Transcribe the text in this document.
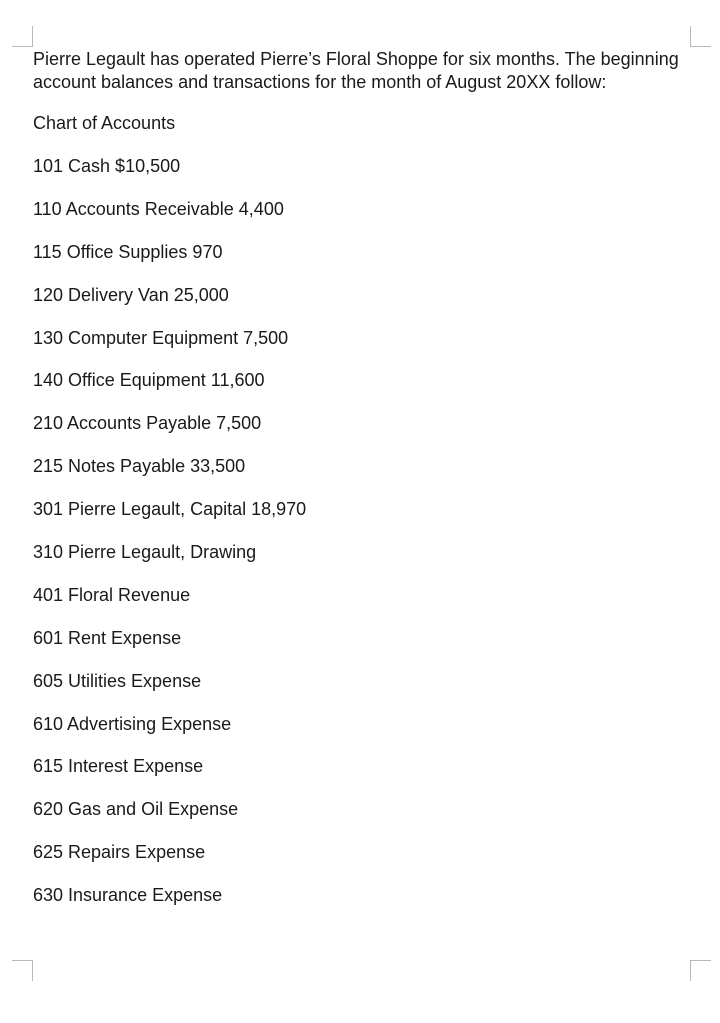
Pierre Legault has operated Pierre’s Floral Shoppe for six months. The beginning account balances and transactions for the month of August 20XX follow:

Chart of Accounts

101 Cash $10,500
110 Accounts Receivable 4,400
115 Office Supplies 970
120 Delivery Van 25,000
130 Computer Equipment 7,500
140 Office Equipment 11,600
210 Accounts Payable 7,500
215 Notes Payable 33,500
301 Pierre Legault, Capital 18,970
310 Pierre Legault, Drawing
401 Floral Revenue
601 Rent Expense
605 Utilities Expense
610 Advertising Expense
615 Interest Expense
620 Gas and Oil Expense
625 Repairs Expense
630 Insurance Expense
